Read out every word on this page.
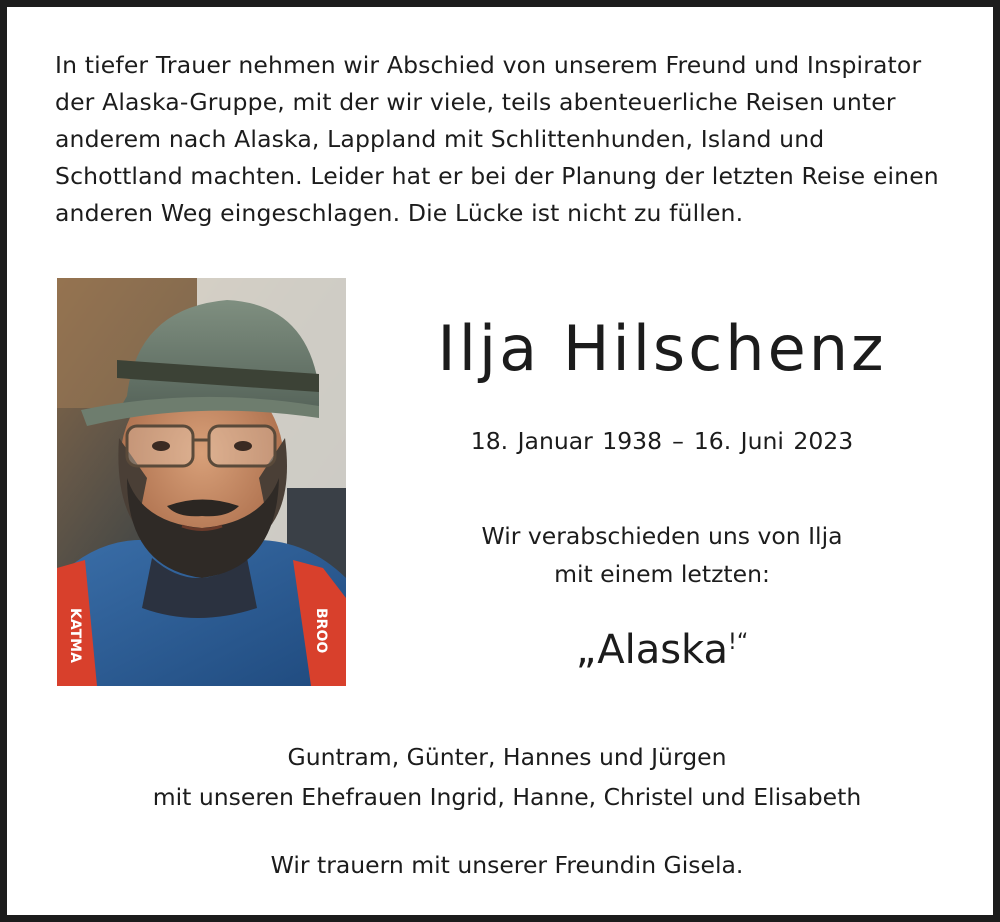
In tiefer Trauer nehmen wir Abschied von unserem Freund und Inspirator
der Alaska-Gruppe, mit der wir viele, teils abenteuerliche Reisen unter
anderem nach Alaska, Lappland mit Schlittenhunden, Island und
Schottland machten. Leider hat er bei der Planung der letzten Reise einen
anderen Weg eingeschlagen. Die Lücke ist nicht zu füllen.
KATMA	BROO
Ilja Hilschenz
18. Januar 1938 – 16. Juni 2023
Wir verabschieden uns von Ilja
mit einem letzten:
„Alaska!“
Guntram, Günter, Hannes und Jürgen
mit unseren Ehefrauen Ingrid, Hanne, Christel und Elisabeth
Wir trauern mit unserer Freundin Gisela.
